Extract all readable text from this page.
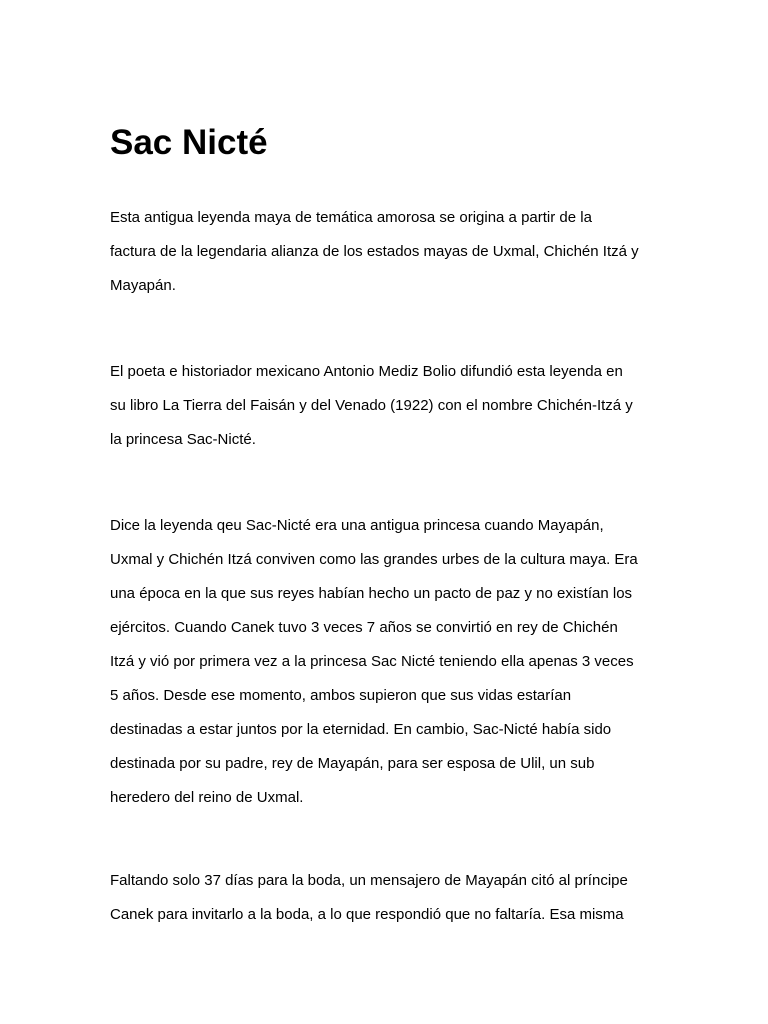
Sac Nicté

Esta antigua leyenda maya de temática amorosa se origina a partir de la
factura de la legendaria alianza de los estados mayas de Uxmal, Chichén Itzá y
Mayapán.

El poeta e historiador mexicano Antonio Mediz Bolio difundió esta leyenda en
su libro La Tierra del Faisán y del Venado (1922) con el nombre Chichén-Itzá y
la princesa Sac-Nicté.

Dice la leyenda qeu Sac-Nicté era una antigua princesa cuando Mayapán,
Uxmal y Chichén Itzá conviven como las grandes urbes de la cultura maya. Era
una época en la que sus reyes habían hecho un pacto de paz y no existían los
ejércitos. Cuando Canek tuvo 3 veces 7 años se convirtió en rey de Chichén
Itzá y vió por primera vez a la princesa Sac Nicté teniendo ella apenas 3 veces
5 años. Desde ese momento, ambos supieron que sus vidas estarían
destinadas a estar juntos por la eternidad. En cambio, Sac-Nicté había sido
destinada por su padre, rey de Mayapán, para ser esposa de Ulil, un sub
heredero del reino de Uxmal.

Faltando solo 37 días para la boda, un mensajero de Mayapán citó al príncipe
Canek para invitarlo a la boda, a lo que respondió que no faltaría. Esa misma
